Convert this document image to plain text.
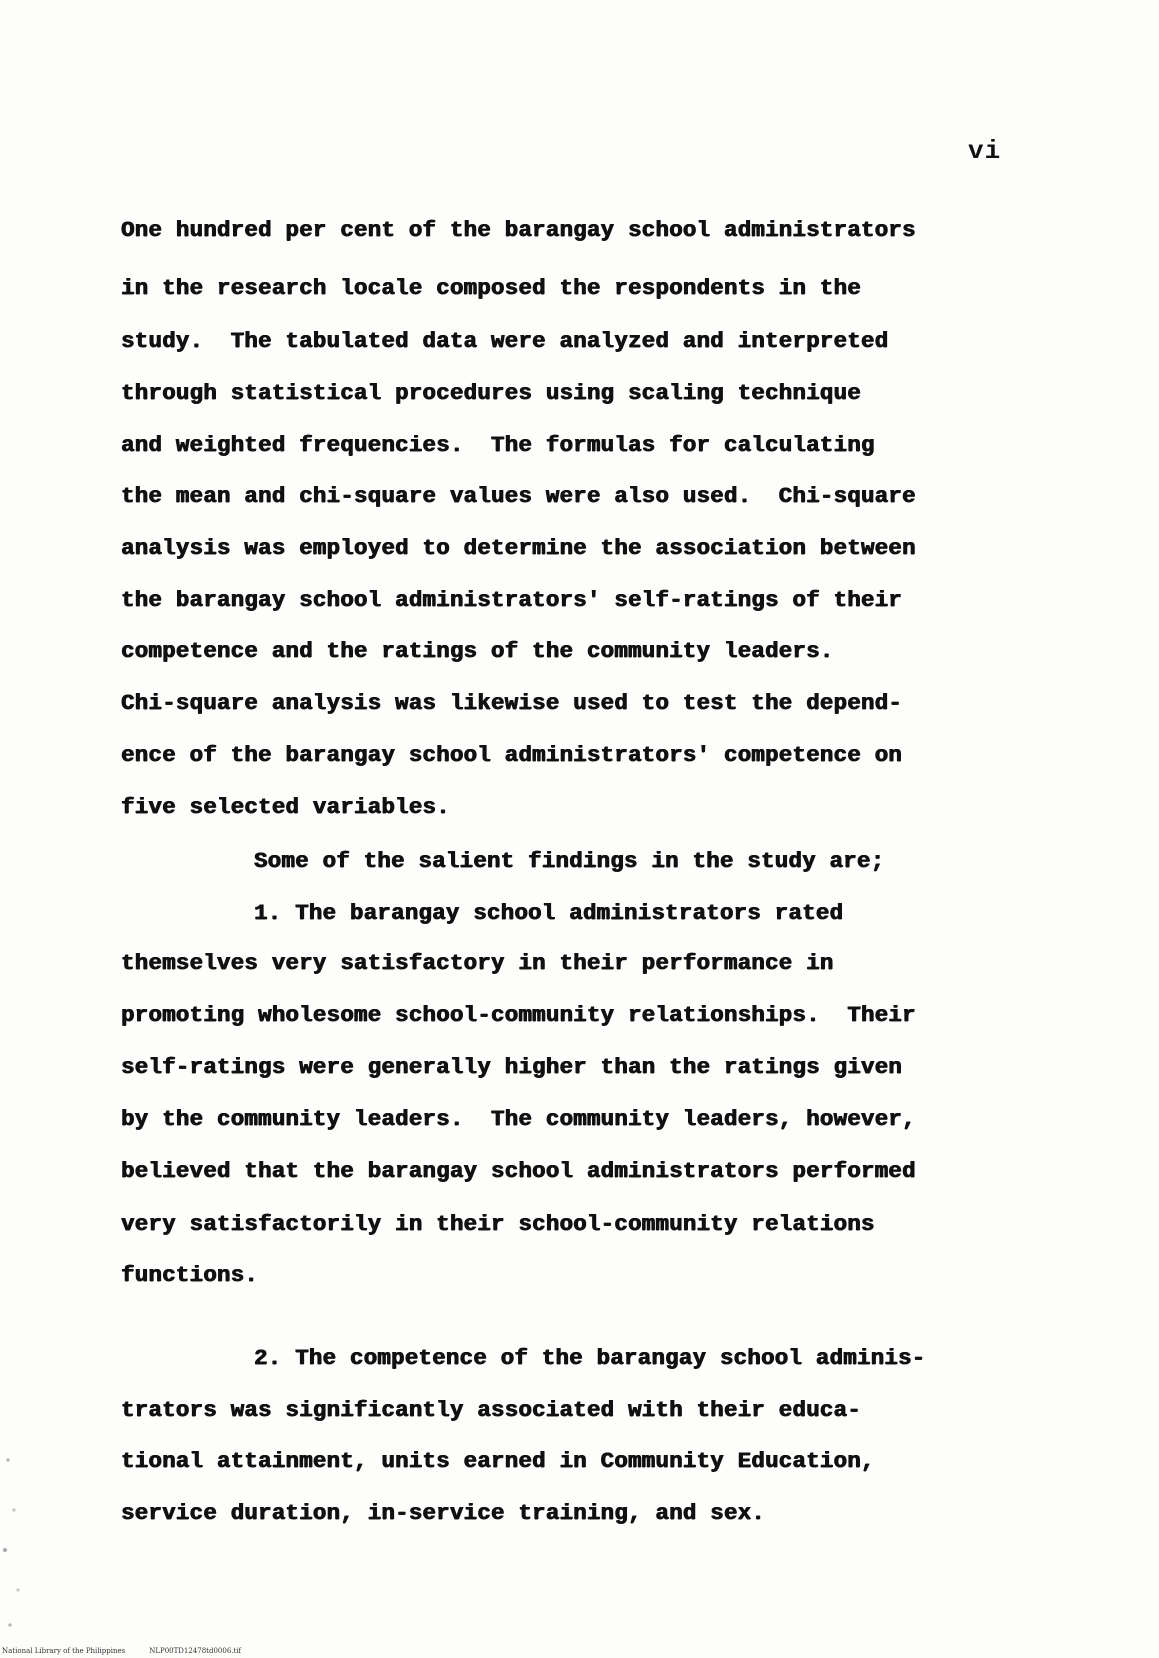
vi
One hundred per cent of the barangay school administrators
in the research locale composed the respondents in the
study.  The tabulated data were analyzed and interpreted
through statistical procedures using scaling technique
and weighted frequencies.  The formulas for calculating
the mean and chi-square values were also used.  Chi-square
analysis was employed to determine the association between
the barangay school administrators' self-ratings of their
competence and the ratings of the community leaders.
Chi-square analysis was likewise used to test the depend-
ence of the barangay school administrators' competence on
five selected variables.
Some of the salient findings in the study are;
1. The barangay school administrators rated
themselves very satisfactory in their performance in
promoting wholesome school-community relationships.  Their
self-ratings were generally higher than the ratings given
by the community leaders.  The community leaders, however,
believed that the barangay school administrators performed
very satisfactorily in their school-community relations
functions.
2. The competence of the barangay school adminis-
trators was significantly associated with their educa-
tional attainment, units earned in Community Education,
service duration, in-service training, and sex.
National Library of the Philippines	NLP00TD12478td0006.tif
